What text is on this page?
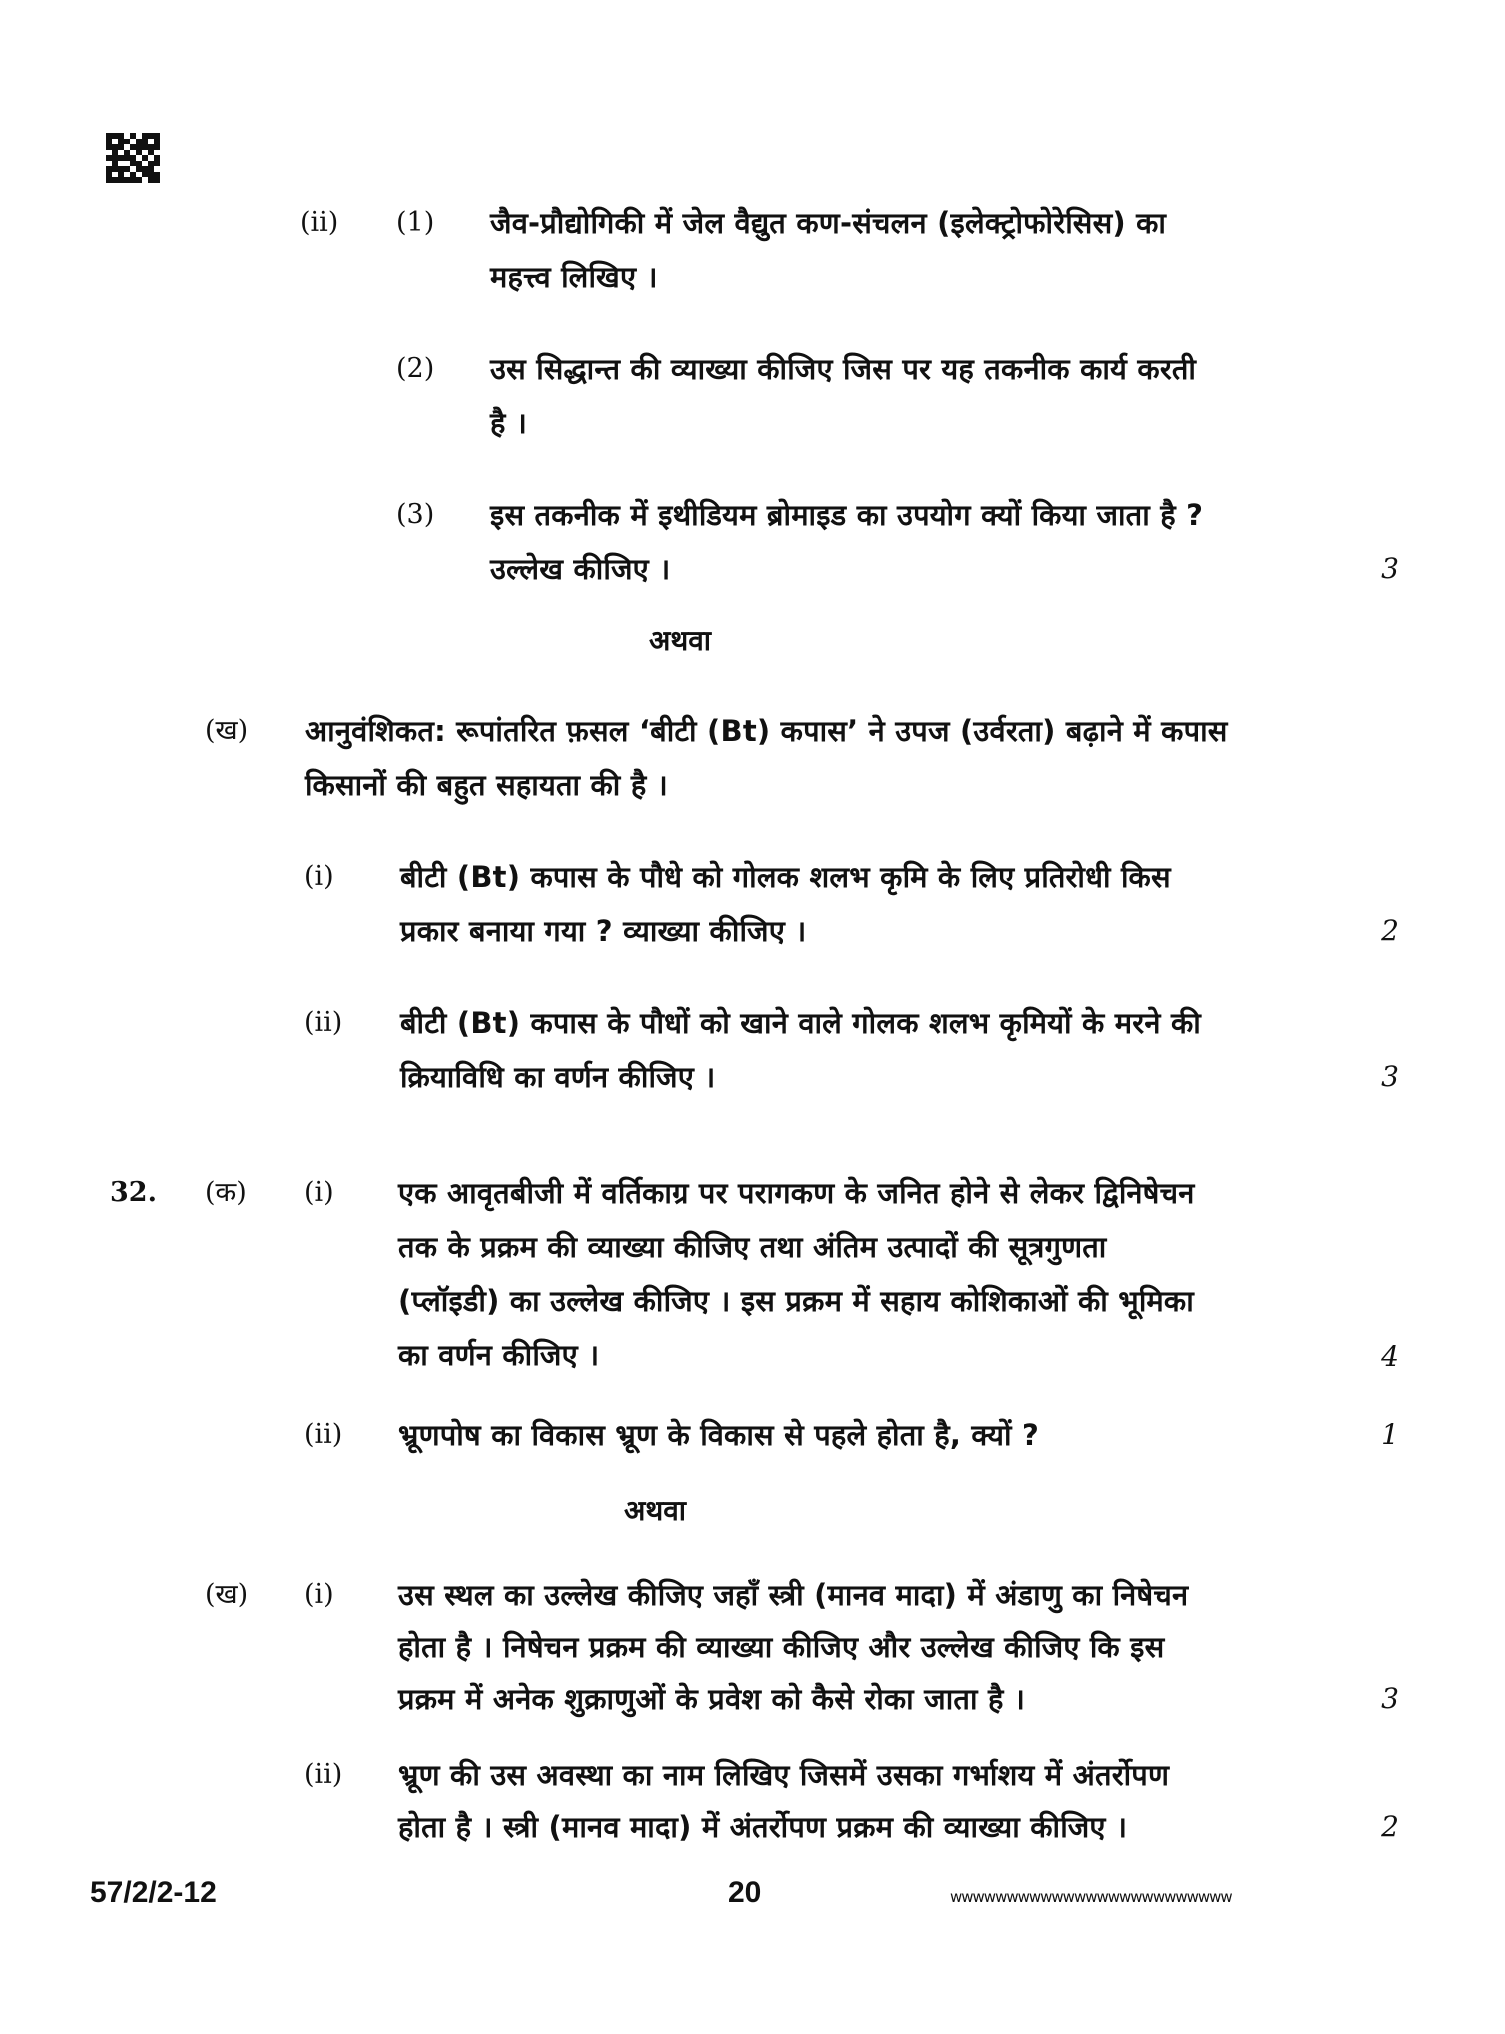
(ii) (1) जैव-प्रौद्योगिकी में जेल वैद्युत कण-संचलन (इलेक्ट्रोफोरेसिस) का
महत्त्व लिखिए ।
(2) उस सिद्धान्त की व्याख्या कीजिए जिस पर यह तकनीक कार्य करती
है ।
(3) इस तकनीक में इथीडियम ब्रोमाइड का उपयोग क्यों किया जाता है ?
उल्लेख कीजिए ।	3
अथवा
(ख) आनुवंशिकत: रूपांतरित फ़सल ‘बीटी (Bt) कपास’ ने उपज (उर्वरता) बढ़ाने में कपास
किसानों की बहुत सहायता की है ।
(i) बीटी (Bt) कपास के पौधे को गोलक शलभ कृमि के लिए प्रतिरोधी किस
प्रकार बनाया गया ? व्याख्या कीजिए ।	2
(ii) बीटी (Bt) कपास के पौधों को खाने वाले गोलक शलभ कृमियों के मरने की
क्रियाविधि का वर्णन कीजिए ।	3
32. (क) (i) एक आवृतबीजी में वर्तिकाग्र पर परागकण के जनित होने से लेकर द्विनिषेचन
तक के प्रक्रम की व्याख्या कीजिए तथा अंतिम उत्पादों की सूत्रगुणता
(प्लॉइडी) का उल्लेख कीजिए । इस प्रक्रम में सहाय कोशिकाओं की भूमिका
का वर्णन कीजिए ।	4
(ii) भ्रूणपोष का विकास भ्रूण के विकास से पहले होता है, क्यों ?	1
अथवा
(ख) (i) उस स्थल का उल्लेख कीजिए जहाँ स्त्री (मानव मादा) में अंडाणु का निषेचन
होता है । निषेचन प्रक्रम की व्याख्या कीजिए और उल्लेख कीजिए कि इस
प्रक्रम में अनेक शुक्राणुओं के प्रवेश को कैसे रोका जाता है ।	3
(ii) भ्रूण की उस अवस्था का नाम लिखिए जिसमें उसका गर्भाशय में अंतर्रोपण
होता है । स्त्री (मानव मादा) में अंतर्रोपण प्रक्रम की व्याख्या कीजिए ।	2
57/2/2-12	20	wwwwwwwwwwwwwwwwwwwwwwwww
